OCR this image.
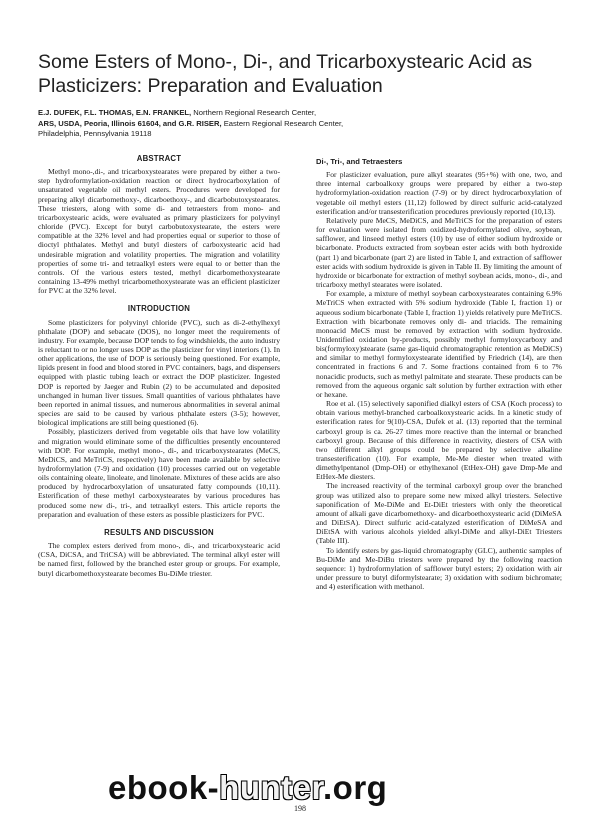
Some Esters of Mono-, Di-, and Tricarboxystearic Acid as Plasticizers: Preparation and Evaluation
E.J. DUFEK, F.L. THOMAS, E.N. FRANKEL, Northern Regional Research Center,
ARS, USDA, Peoria, Illinois 61604, and G.R. RISER, Eastern Regional Research Center,
Philadelphia, Pennsylvania 19118
ABSTRACT

Methyl mono-,di-, and tricarboxystearates were prepared by either a two-step hydroformylation-oxidation reaction or direct hydrocarboxylation of unsaturated vegetable oil methyl esters. Procedures were developed for preparing alkyl dicarbomethoxy-, dicarboethoxy-, and dicarbobutoxystearates. These triesters, along with some di- and tetraesters from mono- and tricarboxystearic acids, were evaluated as primary plasticizers for polyvinyl chloride (PVC). Except for butyl carbobutoxystearate, the esters were compatible at the 32% level and had properties equal or superior to those of dioctyl phthalates. Methyl and butyl diesters of carboxystearic acid had undesirable migration and volatility properties. The migration and volatility properties of some tri- and tetraalkyl esters were equal to or better than the controls. Of the various esters tested, methyl dicarbomethoxystearate containing 13-49% methyl tricarbomethoxystearate was an efficient plasticizer for PVC at the 32% level.

INTRODUCTION

Some plasticizers for polyvinyl chloride (PVC), such as di-2-ethylhexyl phthalate (DOP) and sebacate (DOS), no longer meet the requirements of industry. For example, because DOP tends to fog windshields, the auto industry is reluctant to or no longer uses DOP as the plasticizer for vinyl interiors (1). In other applications, the use of DOP is seriously being questioned. For example, lipids present in food and blood stored in PVC containers, bags, and dispensers equipped with plastic tubing leach or extract the DOP plasticizer. Ingested DOP is reported by Jaeger and Rubin (2) to be accumulated and deposited unchanged in human liver tissues. Small quantities of various phthalates have been reported in animal tissues, and numerous abnormalities in several animal species are said to be caused by various phthalate esters (3-5); however, biological implications are still being questioned (6).

Possibly, plasticizers derived from vegetable oils that have low volatility and migration would eliminate some of the difficulties presently encountered with DOP. For example, methyl mono-, di-, and tricarboxystearates (MeCS, MeDiCS, and MeTriCS, respectively) have been made available by selective hydroformylation (7-9) and oxidation (10) processes carried out on vegetable oils containing oleate, linoleate, and linolenate. Mixtures of these acids are also produced by hydrocarboxylation of unsaturated fatty compounds (10,11). Esterification of these methyl carboxystearates by various procedures has produced some new di-, tri-, and tetraalkyl esters. This article reports the preparation and evaluation of these esters as possible plasticizers for PVC.

RESULTS AND DISCUSSION

The complex esters derived from mono-, di-, and tricarboxystearic acid (CSA, DiCSA, and TriCSA) will be abbreviated. The terminal alkyl ester will be named first, followed by the branched ester group or groups. For example, butyl dicarbomethoxystearate becomes Bu-DiMe triester.

Di-, Tri-, and Tetraesters

For plasticizer evaluation, pure alkyl stearates (95+%) with one, two, and three internal carboalkoxy groups were prepared by either a two-step hydroformylation-oxidation reaction (7-9) or by direct hydrocarboxylation of vegetable oil methyl esters (11,12) followed by direct sulfuric acid-catalyzed esterification and/or transesterification procedures previously reported (10,13).

Relatively pure MeCS, MeDiCS, and MeTriCS for the preparation of esters for evaluation were isolated from oxidized-hydroformylated olive, soybean, safflower, and linseed methyl esters (10) by use of either sodium hydroxide or bicarbonate. Products extracted from soybean ester acids with both hydroxide (part 1) and bicarbonate (part 2) are listed in Table I, and extraction of safflower ester acids with sodium hydroxide is given in Table II. By limiting the amount of hydroxide or bicarbonate for extraction of methyl soybean acids, mono-, di-, and tricarboxy methyl stearates were isolated.

For example, a mixture of methyl soybean carboxystearates containing 6.9% MeTriCS when extracted with 5% sodium hydroxide (Table I, fraction 1) or aqueous sodium bicarbonate (Table I, fraction 1) yields relatively pure MeTriCS. Extraction with bicarbonate removes only di- and triacids. The remaining monoacid MeCS must be removed by extraction with sodium hydroxide. Unidentified oxidation by-products, possibly methyl formyloxycarboxy and bis(formyloxy)stearate (same gas-liquid chromatographic retention as MeDiCS) and similar to methyl formyloxystearate identified by Friedrich (14), are then concentrated in fractions 6 and 7. Some fractions contained from 6 to 7% nonacidic products, such as methyl palmitate and stearate. These products can be removed from the aqueous organic salt solution by further extraction with ether or hexane.

Roe et al. (15) selectively saponified dialkyl esters of CSA (Koch process) to obtain various methyl-branched carboalkoxystearic acids. In a kinetic study of esterification rates for 9(10)-CSA, Dufek et al. (13) reported that the terminal carboxyl group is ca. 26-27 times more reactive than the internal or branched carboxyl group. Because of this difference in reactivity, diesters of CSA with two different alkyl groups could be prepared by selective alkaline transesterification (10). For example, Me-Me diester when treated with dimethylpentanol (Dmp-OH) or ethylhexanol (EtHex-OH) gave Dmp-Me and EtHex-Me diesters.

The increased reactivity of the terminal carboxyl group over the branched group was utilized also to prepare some new mixed alkyl triesters. Selective saponification of Me-DiMe and Et-DiEt triesters with only the theoretical amount of alkali gave dicarbomethoxy- and dicarboethoxystearic acid (DiMeSA and DiEtSA). Direct sulfuric acid-catalyzed esterification of DiMeSA and DiEtSA with various alcohols yielded alkyl-DiMe and alkyl-DiEt Triesters (Table III).

To identify esters by gas-liquid chromatography (GLC), authentic samples of Bu-DiMe and Me-DiBu triesters were prepared by the following reaction sequence: 1) hydroformylation of safflower butyl esters; 2) oxidation with air under pressure to butyl diformylstearate; 3) oxidation with sodium bichromate; and 4) esterification with methanol.

ebook-hunter.org
198
